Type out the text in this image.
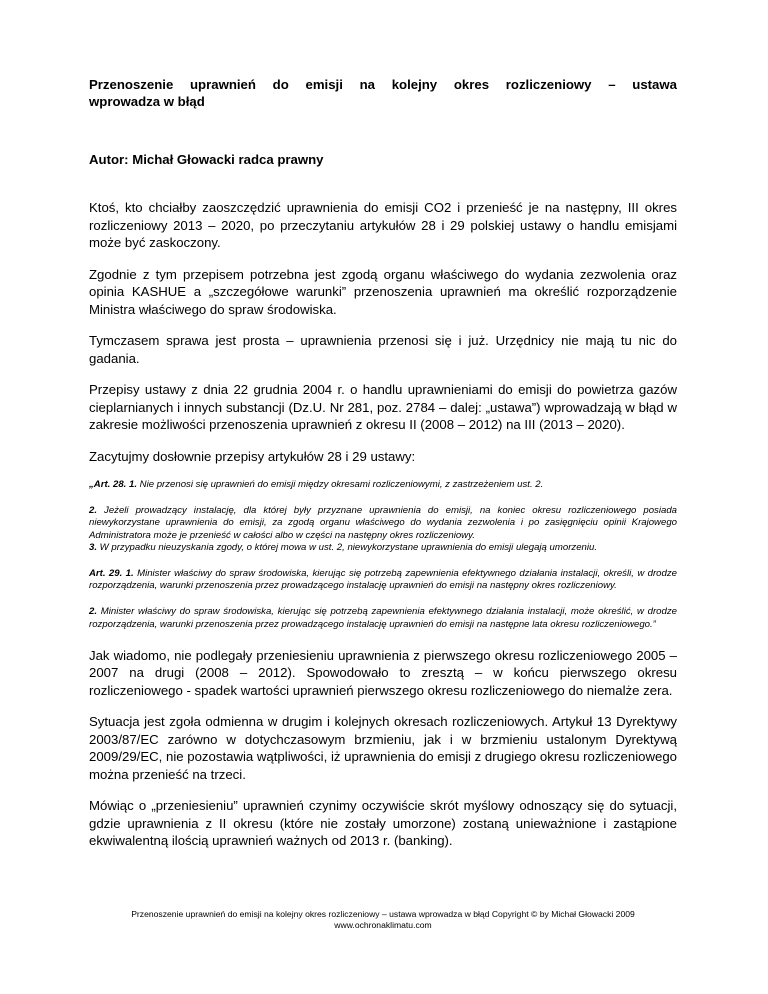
Przenoszenie uprawnień do emisji na kolejny okres rozliczeniowy – ustawa
wprowadza w błąd

Autor: Michał Głowacki radca prawny

Ktoś, kto chciałby zaoszczędzić uprawnienia do emisji CO2 i przenieść je na następny, III okres rozliczeniowy 2013 – 2020, po przeczytaniu artykułów 28 i 29 polskiej ustawy o handlu emisjami może być zaskoczony.

Zgodnie z tym przepisem potrzebna jest zgodą organu właściwego do wydania zezwolenia oraz opinia KASHUE a „szczegółowe warunki” przenoszenia uprawnień ma określić rozporządzenie Ministra właściwego do spraw środowiska.

Tymczasem sprawa jest prosta – uprawnienia przenosi się i już. Urzędnicy nie mają tu nic do gadania.

Przepisy ustawy z dnia 22 grudnia 2004 r. o handlu uprawnieniami do emisji do powietrza gazów cieplarnianych i innych substancji (Dz.U. Nr 281, poz. 2784 – dalej: „ustawa”) wprowadzają w błąd w zakresie możliwości przenoszenia uprawnień z okresu II (2008 – 2012) na III (2013 – 2020).

Zacytujmy dosłownie przepisy artykułów 28 i 29 ustawy:

„Art. 28. 1. Nie przenosi się uprawnień do emisji między okresami rozliczeniowymi, z zastrzeżeniem ust. 2.

2. Jeżeli prowadzący instalację, dla której były przyznane uprawnienia do emisji, na koniec okresu rozliczeniowego posiada niewykorzystane uprawnienia do emisji, za zgodą organu właściwego do wydania zezwolenia i po zasięgnięciu opinii Krajowego Administratora może je przenieść w całości albo w części na następny okres rozliczeniowy.

3. W przypadku nieuzyskania zgody, o której mowa w ust. 2, niewykorzystane uprawnienia do emisji ulegają umorzeniu.

Art. 29. 1. Minister właściwy do spraw środowiska, kierując się potrzebą zapewnienia efektywnego działania instalacji, określi, w drodze rozporządzenia, warunki przenoszenia przez prowadzącego instalację uprawnień do emisji na następny okres rozliczeniowy.

2. Minister właściwy do spraw środowiska, kierując się potrzebą zapewnienia efektywnego działania instalacji, może określić, w drodze rozporządzenia, warunki przenoszenia przez prowadzącego instalację uprawnień do emisji na następne lata okresu rozliczeniowego.”

Jak wiadomo, nie podlegały przeniesieniu uprawnienia z pierwszego okresu rozliczeniowego 2005 – 2007 na drugi (2008 – 2012). Spowodowało to zresztą – w końcu pierwszego okresu rozliczeniowego - spadek wartości uprawnień pierwszego okresu rozliczeniowego do niemalże zera.

Sytuacja jest zgoła odmienna w drugim i kolejnych okresach rozliczeniowych. Artykuł 13 Dyrektywy 2003/87/EC zarówno w dotychczasowym brzmieniu, jak i w brzmieniu ustalonym Dyrektywą 2009/29/EC, nie pozostawia wątpliwości, iż uprawnienia do emisji z drugiego okresu rozliczeniowego można przenieść na trzeci.

Mówiąc o „przeniesieniu” uprawnień czynimy oczywiście skrót myślowy odnoszący się do sytuacji, gdzie uprawnienia z II okresu (które nie zostały umorzone) zostaną unieważnione i zastąpione ekwiwalentną ilością uprawnień ważnych od 2013 r. (banking).

Przenoszenie uprawnień do emisji na kolejny okres rozliczeniowy – ustawa wprowadza w błąd Copyright © by Michał Głowacki 2009
www.ochronaklimatu.com
